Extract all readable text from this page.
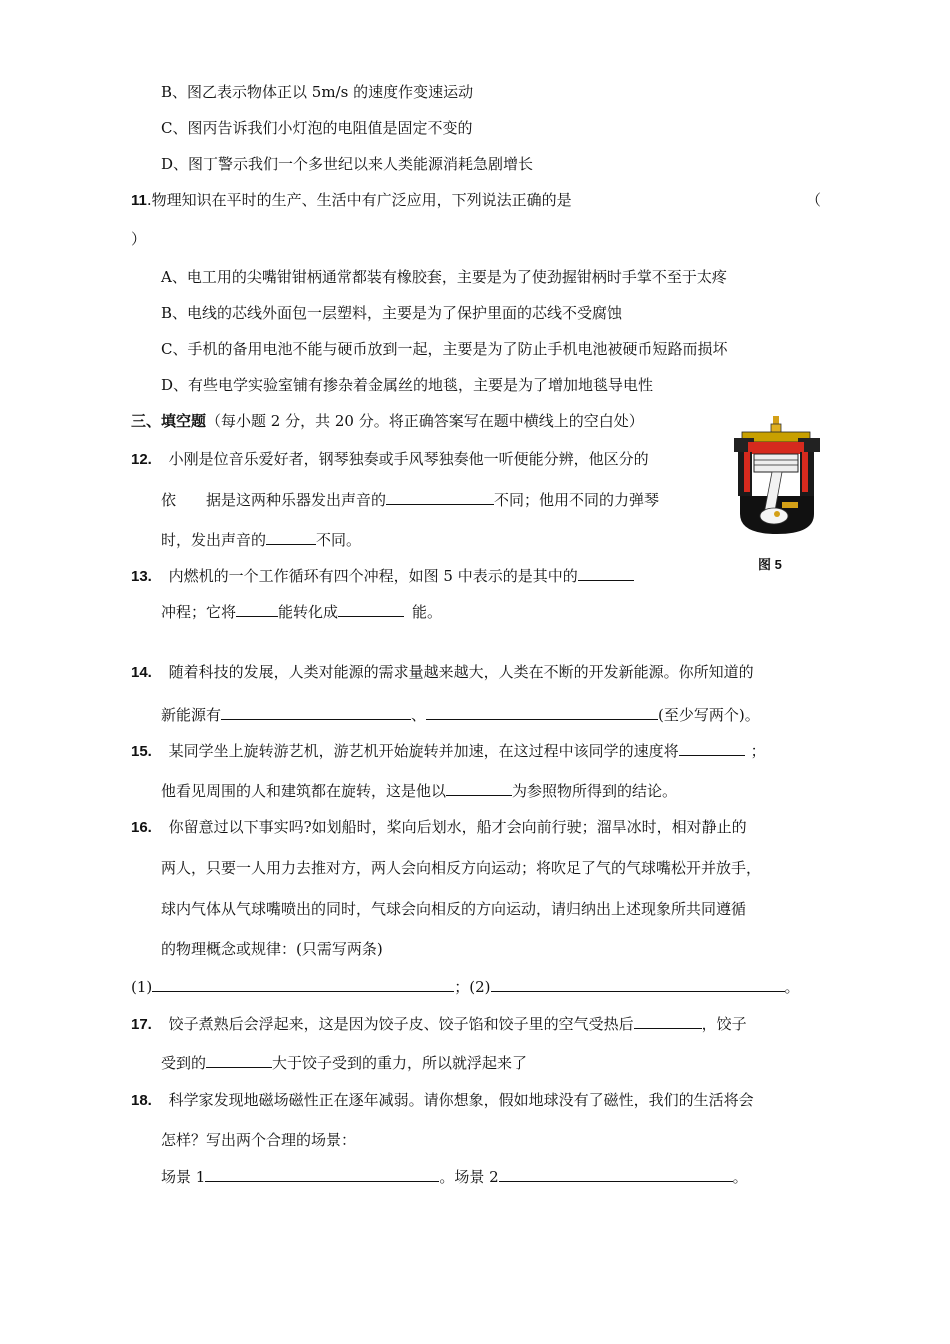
B、图乙表示物体正以 5m/s 的速度作变速运动
C、图丙告诉我们小灯泡的电阻值是固定不变的
D、图丁警示我们一个多世纪以来人类能源消耗急剧增长
11.物理知识在平时的生产、生活中有广泛应用，下列说法正确的是	（
）
A、电工用的尖嘴钳钳柄通常都装有橡胶套，主要是为了使劲握钳柄时手掌不至于太疼
B、电线的芯线外面包一层塑料，主要是为了保护里面的芯线不受腐蚀
C、手机的备用电池不能与硬币放到一起，主要是为了防止手机电池被硬币短路而损坏
D、有些电学实验室铺有掺杂着金属丝的地毯，主要是为了增加地毯导电性
三、填空题（每小题 2 分，共 20 分。将正确答案写在题中横线上的空白处）
图 5
12. 小刚是位音乐爱好者，钢琴独奏或手风琴独奏他一听便能分辨，他区分的
依　　据是这两种乐器发出声音的	不同；他用不同的力弹琴
时，发出声音的	不同。
13. 内燃机的一个工作循环有四个冲程，如图 5 中表示的是其中的
冲程；它将	能转化成	能。
14. 随着科技的发展，人类对能源的需求量越来越大，人类在不断的开发新能源。你所知道的
新能源有	、	(至少写两个)。
15. 某同学坐上旋转游艺机，游艺机开始旋转并加速，在这过程中该同学的速度将	；
他看见周围的人和建筑都在旋转，这是他以	为参照物所得到的结论。
16. 你留意过以下事实吗?如划船时，桨向后划水，船才会向前行驶；溜旱冰时，相对静止的
两人，只要一人用力去推对方，两人会向相反方向运动；将吹足了气的气球嘴松开并放手，
球内气体从气球嘴喷出的同时，气球会向相反的方向运动，请归纳出上述现象所共同遵循
的物理概念或规律：(只需写两条)
(1)	；(2)	。
17. 饺子煮熟后会浮起来，这是因为饺子皮、饺子馅和饺子里的空气受热后	，饺子
受到的	大于饺子受到的重力，所以就浮起来了
18. 科学家发现地磁场磁性正在逐年减弱。请你想象，假如地球没有了磁性，我们的生活将会
怎样？写出两个合理的场景：
场景 1	。场景 2	。
